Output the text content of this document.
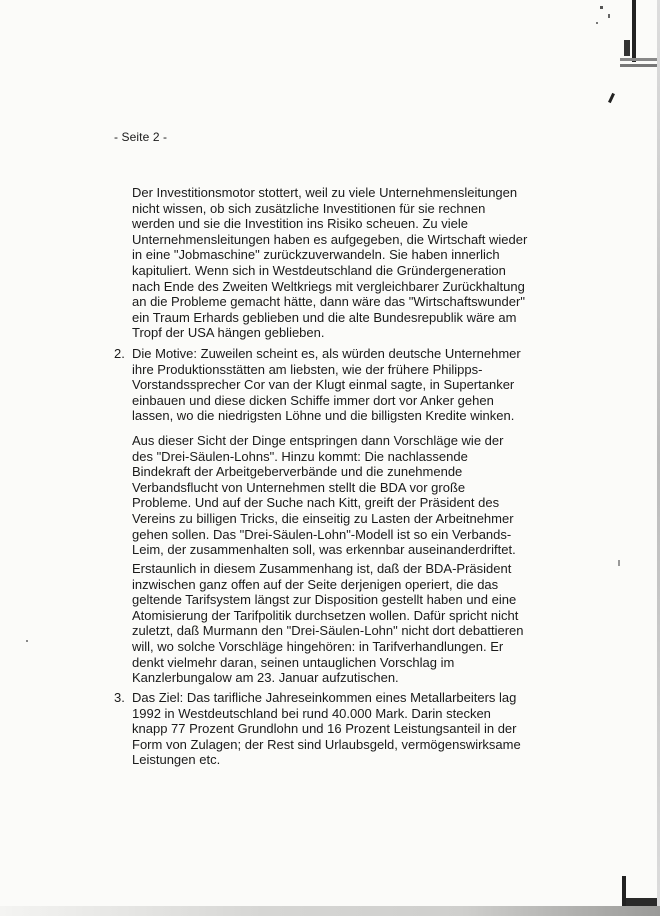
- Seite 2 -
Der Investitionsmotor stottert, weil zu viele Unternehmensleitungen
nicht wissen, ob sich zusätzliche Investitionen für sie rechnen
werden und sie die Investition ins Risiko scheuen. Zu viele
Unternehmensleitungen haben es aufgegeben, die Wirtschaft wieder
in eine "Jobmaschine" zurückzuverwandeln. Sie haben innerlich
kapituliert. Wenn sich in Westdeutschland die Gründergeneration
nach Ende des Zweiten Weltkriegs mit vergleichbarer Zurückhaltung
an die Probleme gemacht hätte, dann wäre das "Wirtschaftswunder"
ein Traum Erhards geblieben und die alte Bundesrepublik wäre am
Tropf der USA hängen geblieben.
2. Die Motive: Zuweilen scheint es, als würden deutsche Unternehmer
ihre Produktionsstätten am liebsten, wie der frühere Philipps-
Vorstandssprecher Cor van der Klugt einmal sagte, in Supertanker
einbauen und diese dicken Schiffe immer dort vor Anker gehen
lassen, wo die niedrigsten Löhne und die billigsten Kredite winken.
Aus dieser Sicht der Dinge entspringen dann Vorschläge wie der
des "Drei-Säulen-Lohns". Hinzu kommt: Die nachlassende
Bindekraft der Arbeitgeberverbände und die zunehmende
Verbandsflucht von Unternehmen stellt die BDA vor große
Probleme. Und auf der Suche nach Kitt, greift der Präsident des
Vereins zu billigen Tricks, die einseitig zu Lasten der Arbeitnehmer
gehen sollen. Das "Drei-Säulen-Lohn"-Modell ist so ein Verbands-
Leim, der zusammenhalten soll, was erkennbar auseinanderdriftet.
Erstaunlich in diesem Zusammenhang ist, daß der BDA-Präsident
inzwischen ganz offen auf der Seite derjenigen operiert, die das
geltende Tarifsystem längst zur Disposition gestellt haben und eine
Atomisierung der Tarifpolitik durchsetzen wollen. Dafür spricht nicht
zuletzt, daß Murmann den "Drei-Säulen-Lohn" nicht dort debattieren
will, wo solche Vorschläge hingehören: in Tarifverhandlungen. Er
denkt vielmehr daran, seinen untauglichen Vorschlag im
Kanzlerbungalow am 23. Januar aufzutischen.
3. Das Ziel: Das tarifliche Jahreseinkommen eines Metallarbeiters lag
1992 in Westdeutschland bei rund 40.000 Mark. Darin stecken
knapp 77 Prozent Grundlohn und 16 Prozent Leistungsanteil in der
Form von Zulagen; der Rest sind Urlaubsgeld, vermögenswirksame
Leistungen etc.
